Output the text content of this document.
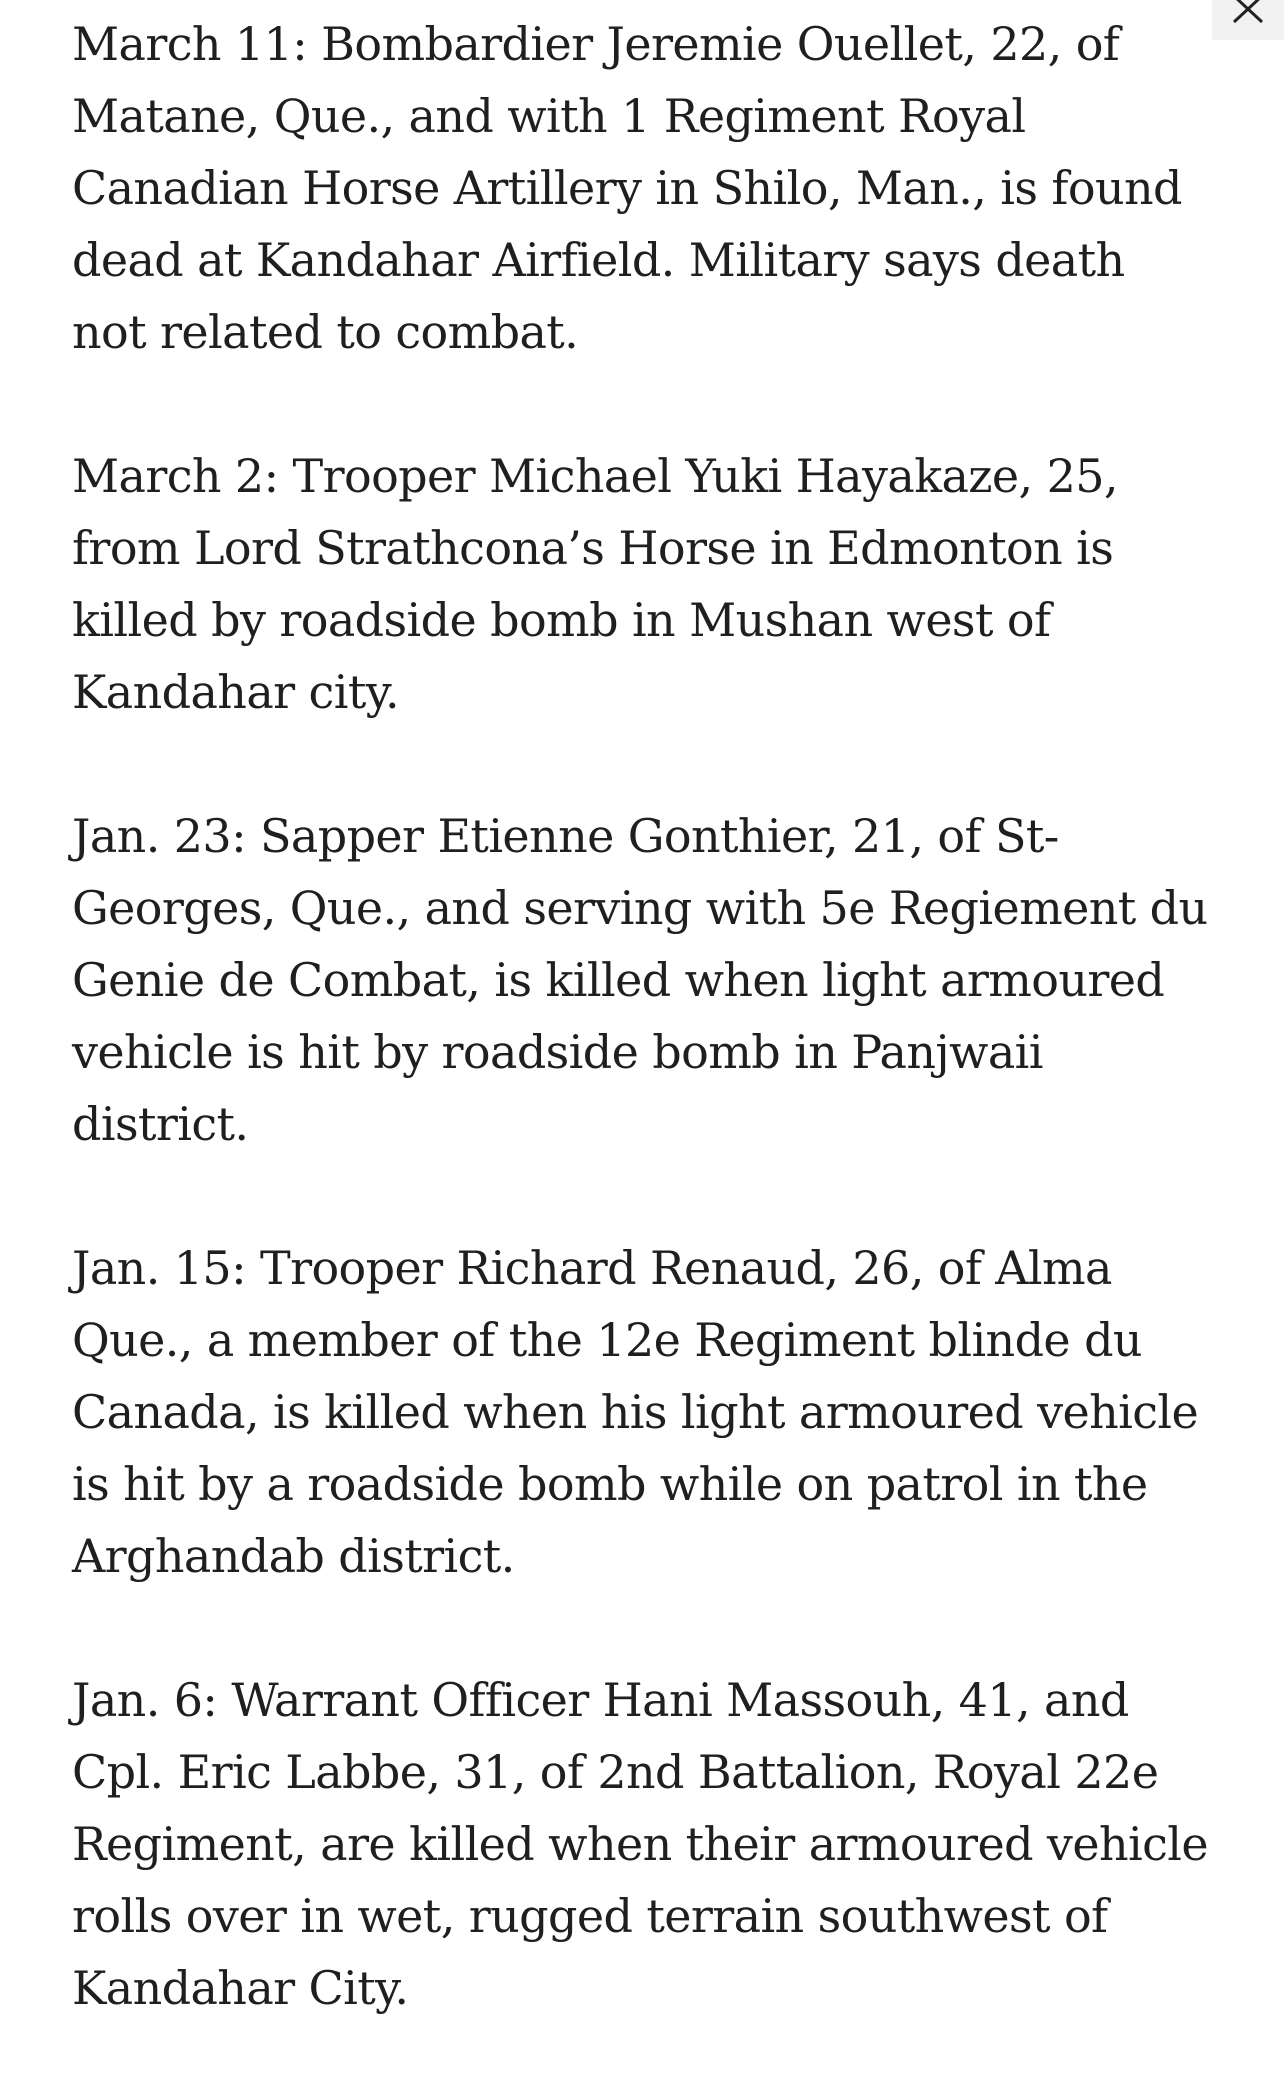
March 11: Bombardier Jeremie Ouellet, 22, of Matane, Que., and with 1 Regiment Royal Canadian Horse Artillery in Shilo, Man., is found dead at Kandahar Airfield. Military says death not related to combat.

March 2: Trooper Michael Yuki Hayakaze, 25, from Lord Strathcona’s Horse in Edmonton is killed by roadside bomb in Mushan west of Kandahar city.

Jan. 23: Sapper Etienne Gonthier, 21, of St-Georges, Que., and serving with 5e Regiement du Genie de Combat, is killed when light armoured vehicle is hit by roadside bomb in Panjwaii district.

Jan. 15: Trooper Richard Renaud, 26, of Alma Que., a member of the 12e Regiment blinde du Canada, is killed when his light armoured vehicle is hit by a roadside bomb while on patrol in the Arghandab district.

Jan. 6: Warrant Officer Hani Massouh, 41, and Cpl. Eric Labbe, 31, of 2nd Battalion, Royal 22e Regiment, are killed when their armoured vehicle rolls over in wet, rugged terrain southwest of Kandahar City.
